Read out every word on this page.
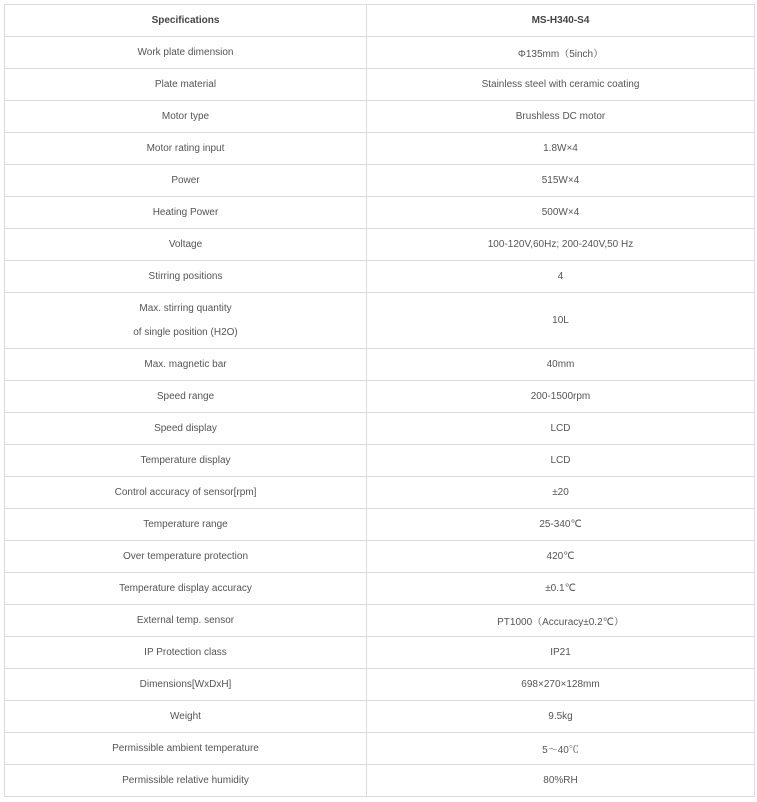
Specifications	MS-H340-S4
Work plate dimension	Φ135mm（5inch）
Plate material	Stainless steel with ceramic coating
Motor type	Brushless DC motor
Motor rating input	1.8W×4
Power	515W×4
Heating Power	500W×4
Voltage	100-120V,60Hz; 200-240V,50 Hz
Stirring positions	4

Max. stirring quantity
of single position (H2O)	10L
Max. magnetic bar	40mm
Speed range	200-1500rpm
Speed display	LCD
Temperature display	LCD
Control accuracy of sensor[rpm]	±20
Temperature range	25-340℃
Over temperature protection	420℃
Temperature display accuracy	±0.1℃
External temp. sensor	PT1000（Accuracy±0.2℃）
IP Protection class	IP21
Dimensions[WxDxH]	698×270×128mm
Weight	9.5kg
Permissible ambient temperature	5～40℃
Permissible relative humidity	80%RH
